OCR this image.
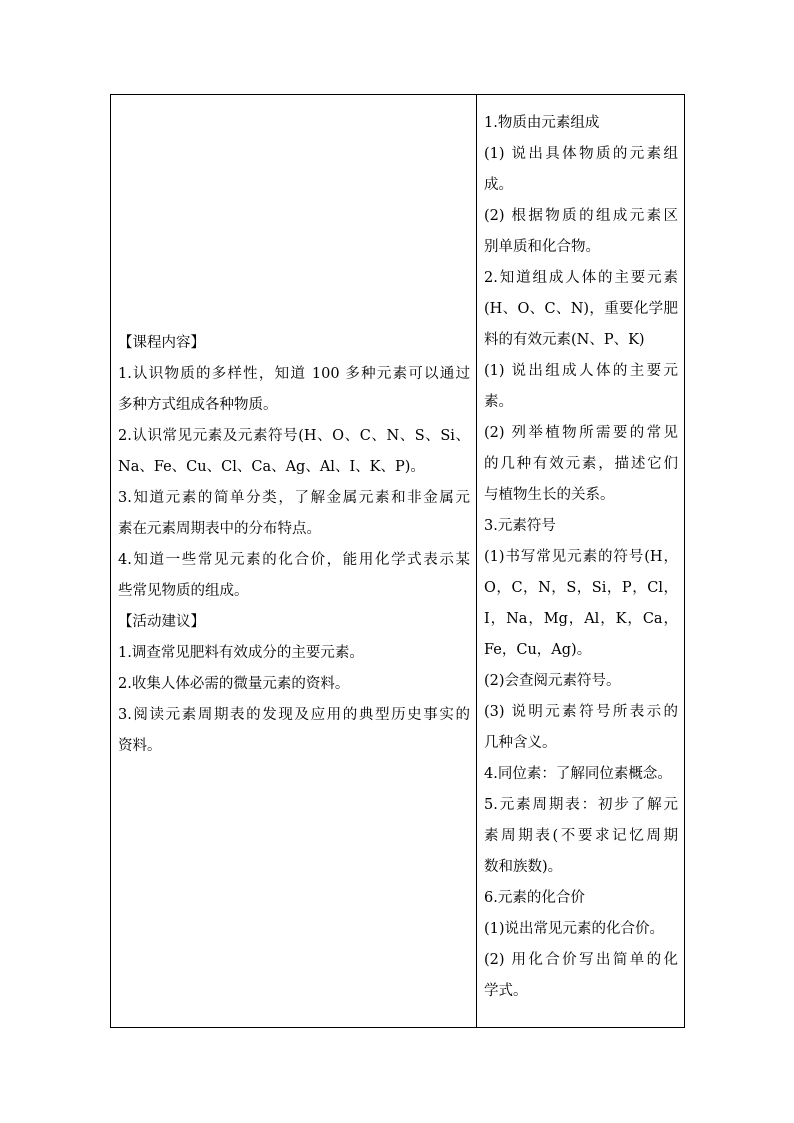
【课程内容】
1.认识物质的多样性，知道 100 多种元素可以通过
多种方式组成各种物质。
2.认识常见元素及元素符号(H、O、C、N、S、Si、
Na、Fe、Cu、Cl、Ca、Ag、Al、I、K、P)。
3.知道元素的简单分类，了解金属元素和非金属元
素在元素周期表中的分布特点。
4.知道一些常见元素的化合价，能用化学式表示某
些常见物质的组成。
【活动建议】
1.调查常见肥料有效成分的主要元素。
2.收集人体必需的微量元素的资料。
3.阅读元素周期表的发现及应用的典型历史事实的
资料。
1.物质由元素组成
(1) 说出具体物质的元素组
成。
(2) 根据物质的组成元素区
别单质和化合物。
2.知道组成人体的主要元素
(H、O、C、N)，重要化学肥
料的有效元素(N、P、K)
(1) 说出组成人体的主要元
素。
(2) 列举植物所需要的常见
的几种有效元素，描述它们
与植物生长的关系。
3.元素符号
(1)书写常见元素的符号(H，
O，C，N，S，Si，P，Cl，
I，Na，Mg，Al，K，Ca，
Fe，Cu，Ag)。
(2)会查阅元素符号。
(3) 说明元素符号所表示的
几种含义。
4.同位素：了解同位素概念。
5.元素周期表：初步了解元
素周期表(不要求记忆周期
数和族数)。
6.元素的化合价
(1)说出常见元素的化合价。
(2) 用化合价写出简单的化
学式。
